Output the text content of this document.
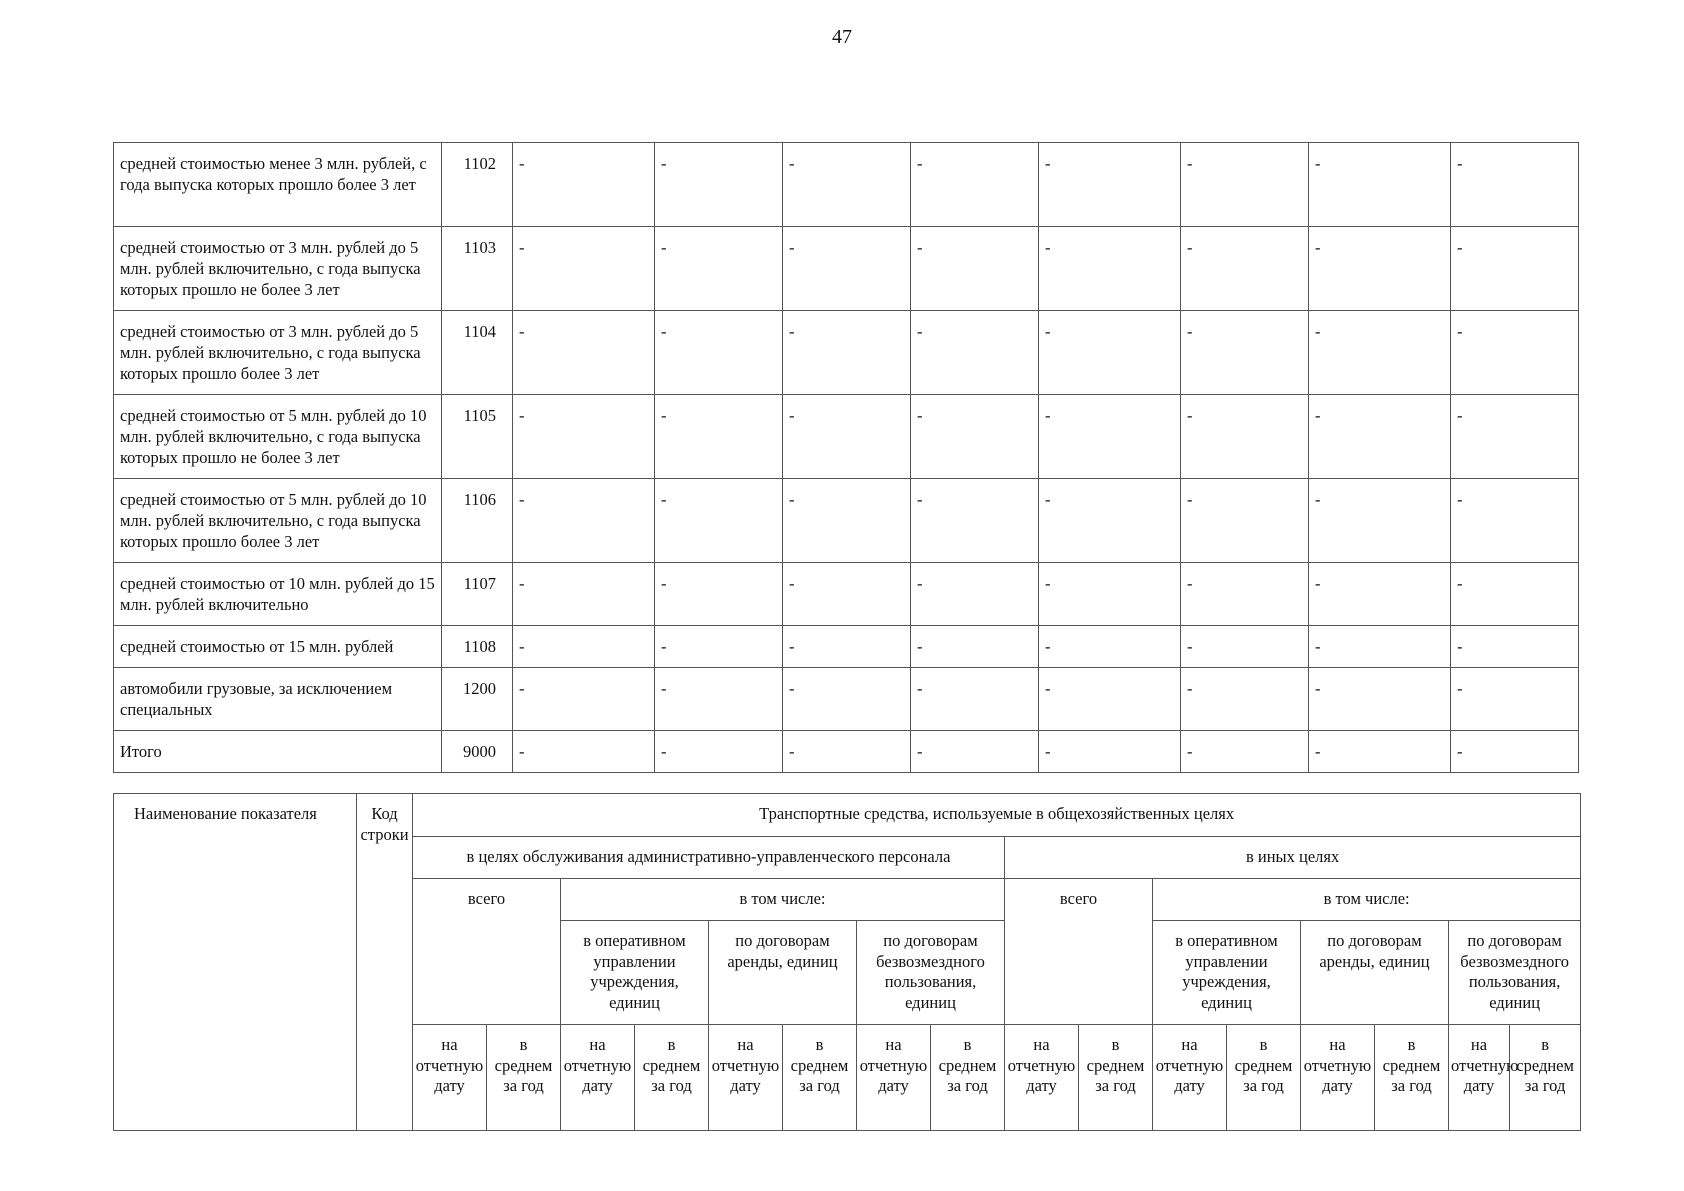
47
средней стоимостью менее 3 млн. рублей, с года выпуска которых прошло более 3 лет	1102	-	-	-	-	-	-	-	-
средней стоимостью от 3 млн. рублей до 5 млн. рублей включительно, с года выпуска которых прошло не более 3 лет	1103	-	-	-	-	-	-	-	-
средней стоимостью от 3 млн. рублей до 5 млн. рублей включительно, с года выпуска которых прошло более 3 лет	1104	-	-	-	-	-	-	-	-
средней стоимостью от 5 млн. рублей до 10 млн. рублей включительно, с года выпуска которых прошло не более 3 лет	1105	-	-	-	-	-	-	-	-
средней стоимостью от 5 млн. рублей до 10 млн. рублей включительно, с года выпуска которых прошло более 3 лет	1106	-	-	-	-	-	-	-	-
средней стоимостью от 10 млн. рублей до 15 млн. рублей включительно	1107	-	-	-	-	-	-	-	-
средней стоимостью от 15 млн. рублей	1108	-	-	-	-	-	-	-	-
автомобили грузовые, за исключением специальных	1200	-	-	-	-	-	-	-	-
Итого	9000	-	-	-	-	-	-	-	-
Наименование показателя	Код строки	Транспортные средства, используемые в общехозяйственных целях															
		в целях обслуживания административно-управленческого персонала								в иных целях							
		всего		в том числе:						всего		в том числе:					
				в оперативном управлении учреждения, единиц		по договорам аренды, единиц		по договорам безвозмездного пользования, единиц				в оперативном управлении учреждения, единиц		по договорам аренды, единиц		по договорам безвозмездного пользования, единиц	
		на отчетную дату	в среднем за год	на отчетную дату	в среднем за год	на отчетную дату	в среднем за год	на отчетную дату	в среднем за год	на отчетную дату	в среднем за год	на отчетную дату	в среднем за год	на отчетную дату	в среднем за год	на отчетную дату	в среднем за год
